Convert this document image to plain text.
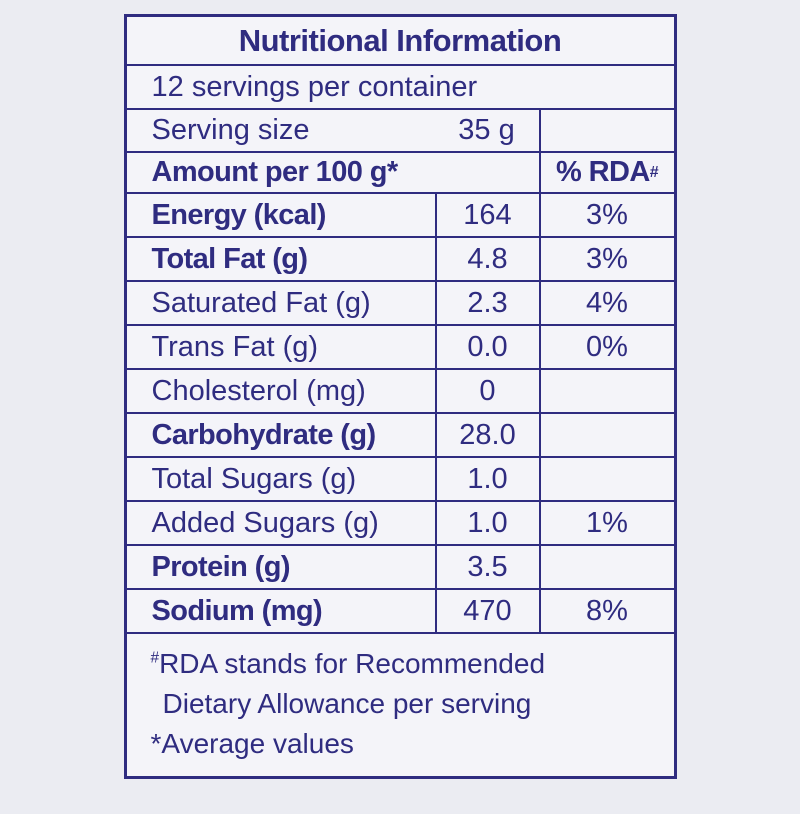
Nutritional Information
12 servings per container
Serving size	35 g
Amount per 100 g*	% RDA #
Energy (kcal)	164	3%
Total Fat (g)	4.8	3%
Saturated Fat (g)	2.3	4%
Trans Fat (g)	0.0	0%
Cholesterol (mg)	0
Carbohydrate (g)	28.0
Total Sugars (g)	1.0
Added Sugars (g)	1.0	1%
Protein (g)	3.5
Sodium (mg)	470	8%
#RDA stands for Recommended
Dietary Allowance per serving
*Average values
